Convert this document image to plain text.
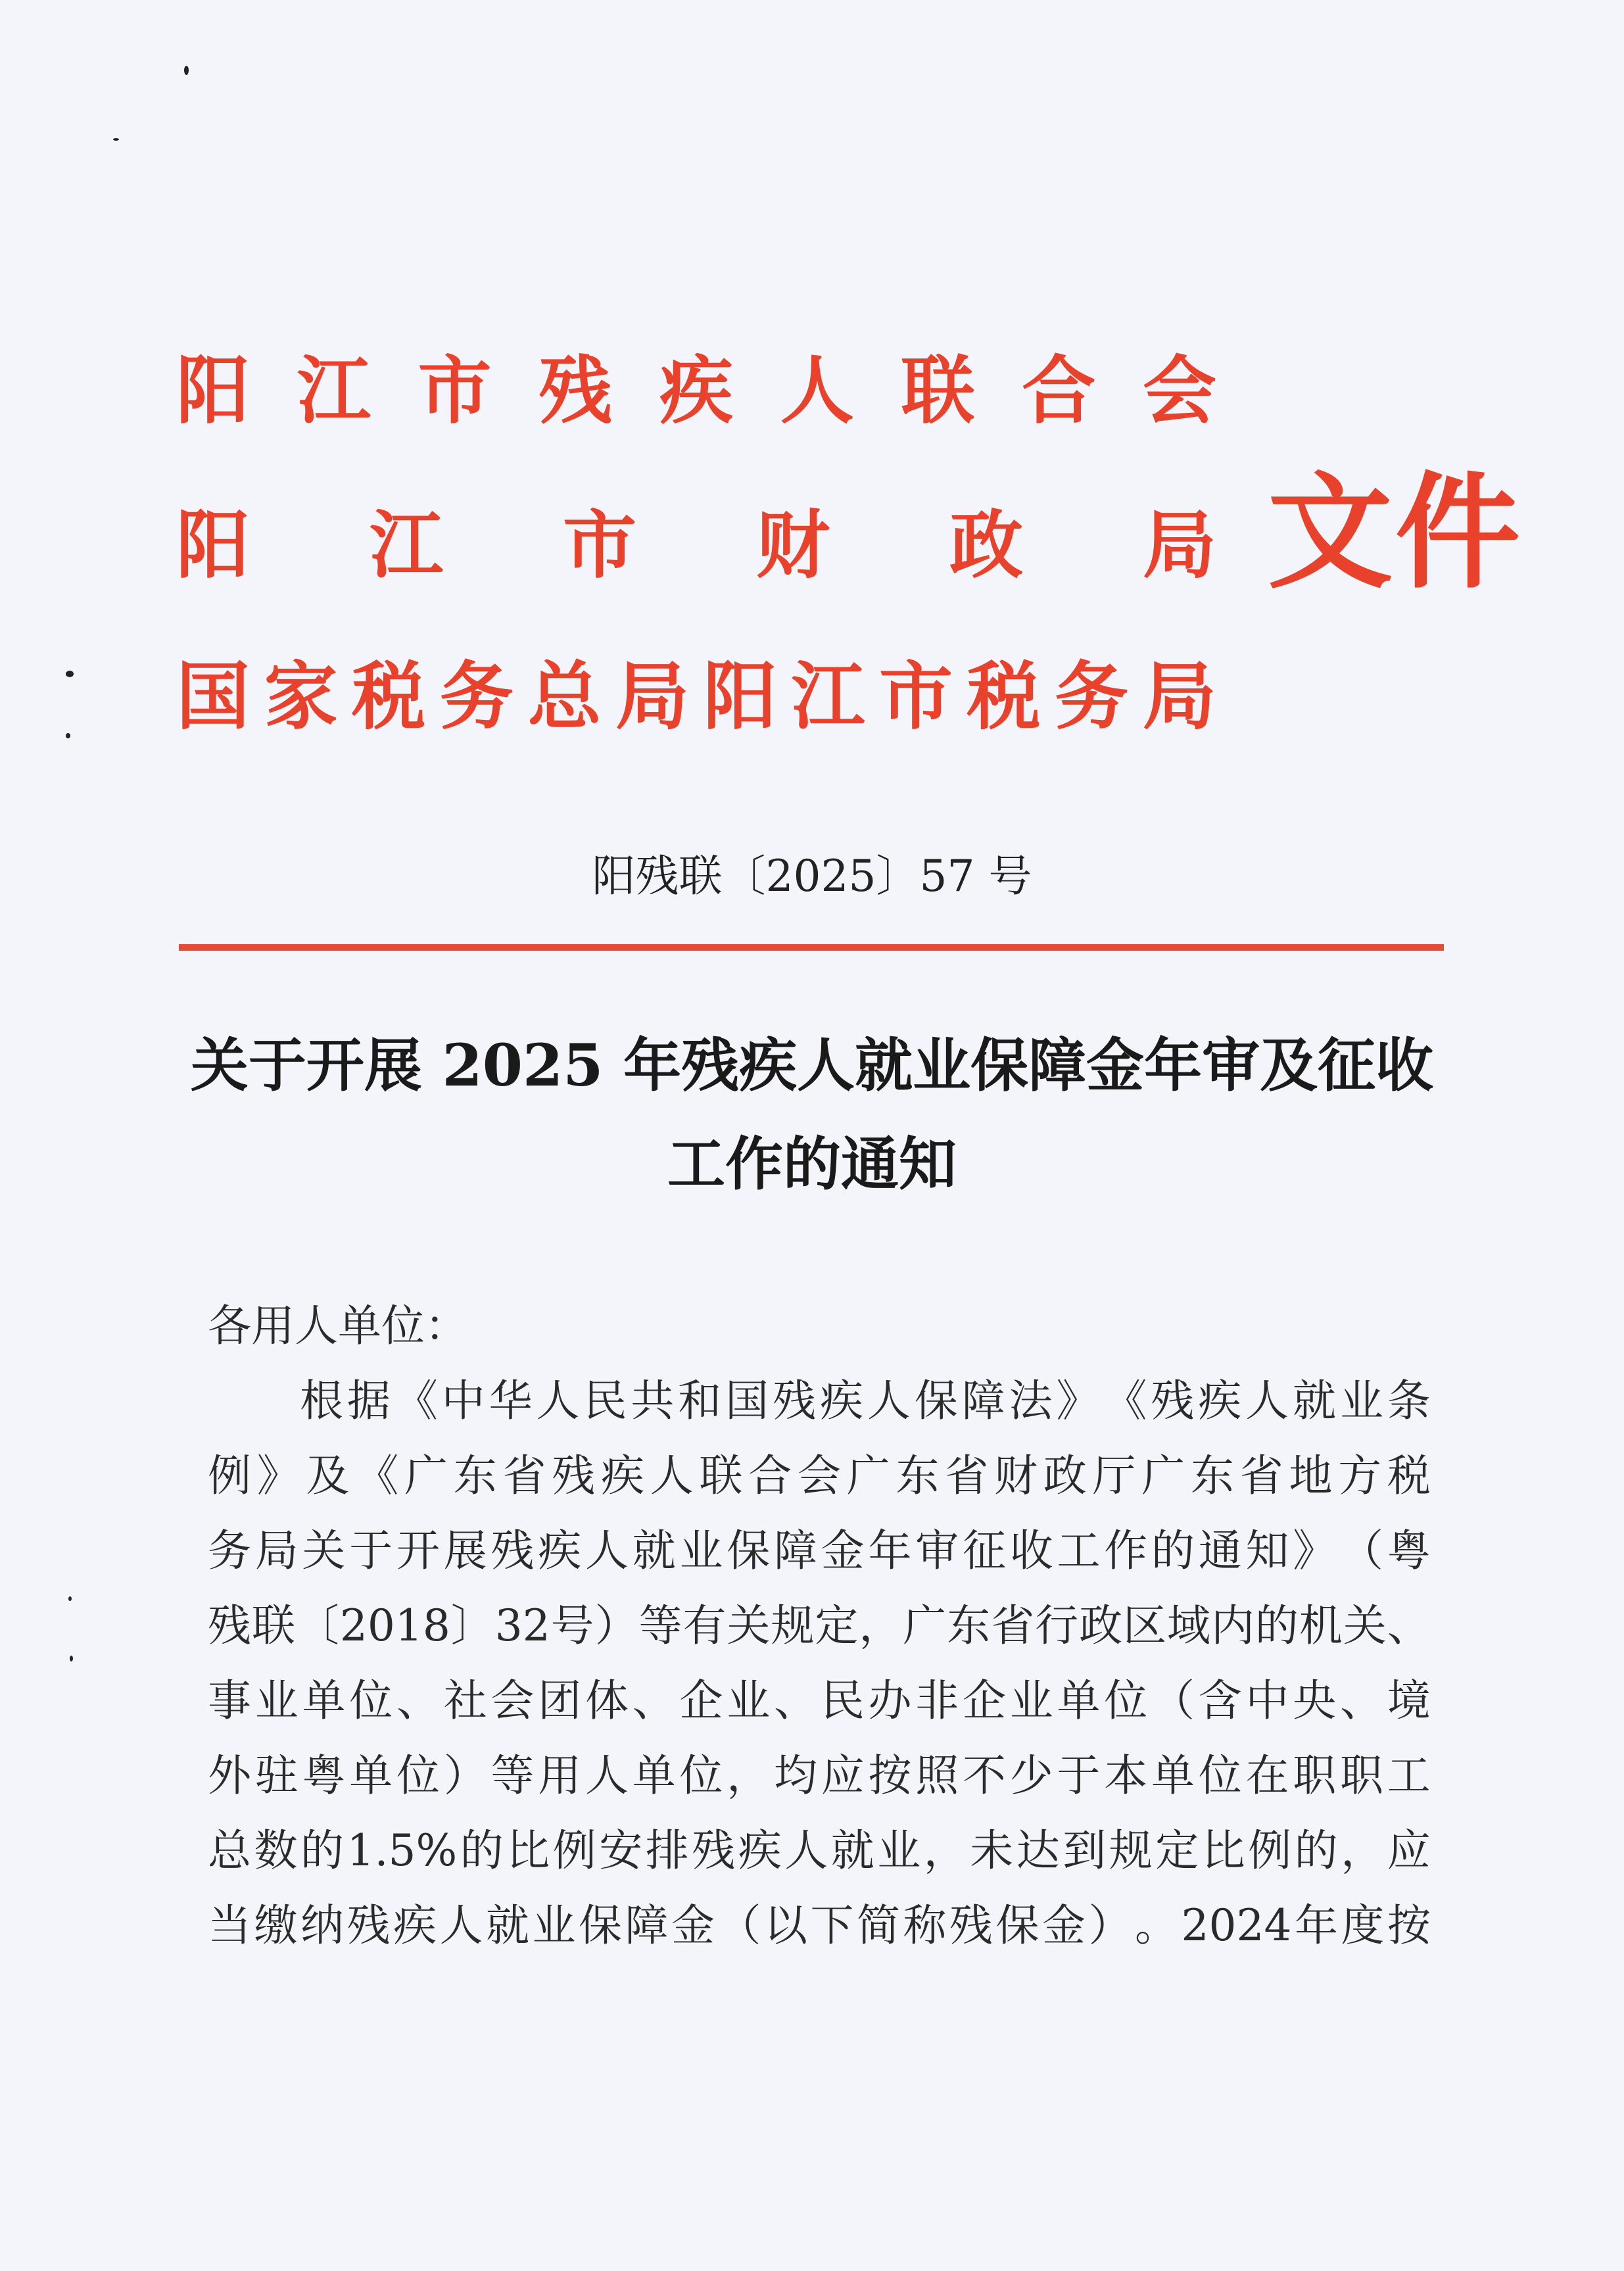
阳 江 市 残 疾 人 联 合 会
阳 江 市 财 政 局
国 家 税 务 总 局 阳 江 市 税 务 局
文件
阳残联〔2025〕57 号
关于开展 2025 年残疾人就业保障金年审及征收
工作的通知
各用人单位：
根 据 《 中 华 人 民 共 和 国 残 疾 人 保 障 法 》 《 残 疾 人 就 业 条
例 》 及 《 广 东 省 残 疾 人 联 合 会 广 东 省 财 政 厅 广 东 省 地 方 税
务 局 关 于 开 展 残 疾 人 就 业 保 障 金 年 审 征 收 工 作 的 通 知 》 （ 粤
残 联 〔 2018 〕 32 号 ） 等 有 关 规 定 ， 广 东 省 行 政 区 域 内 的 机 关 、
事 业 单 位 、 社 会 团 体 、 企 业 、 民 办 非 企 业 单 位 （ 含 中 央 、 境
外 驻 粤 单 位 ） 等 用 人 单 位 ， 均 应 按 照 不 少 于 本 单 位 在 职 职 工
总 数 的 1.5% 的 比 例 安 排 残 疾 人 就 业 ， 未 达 到 规 定 比 例 的 ， 应
当 缴 纳 残 疾 人 就 业 保 障 金 （ 以 下 简 称 残 保 金 ） 。 2024 年 度 按
